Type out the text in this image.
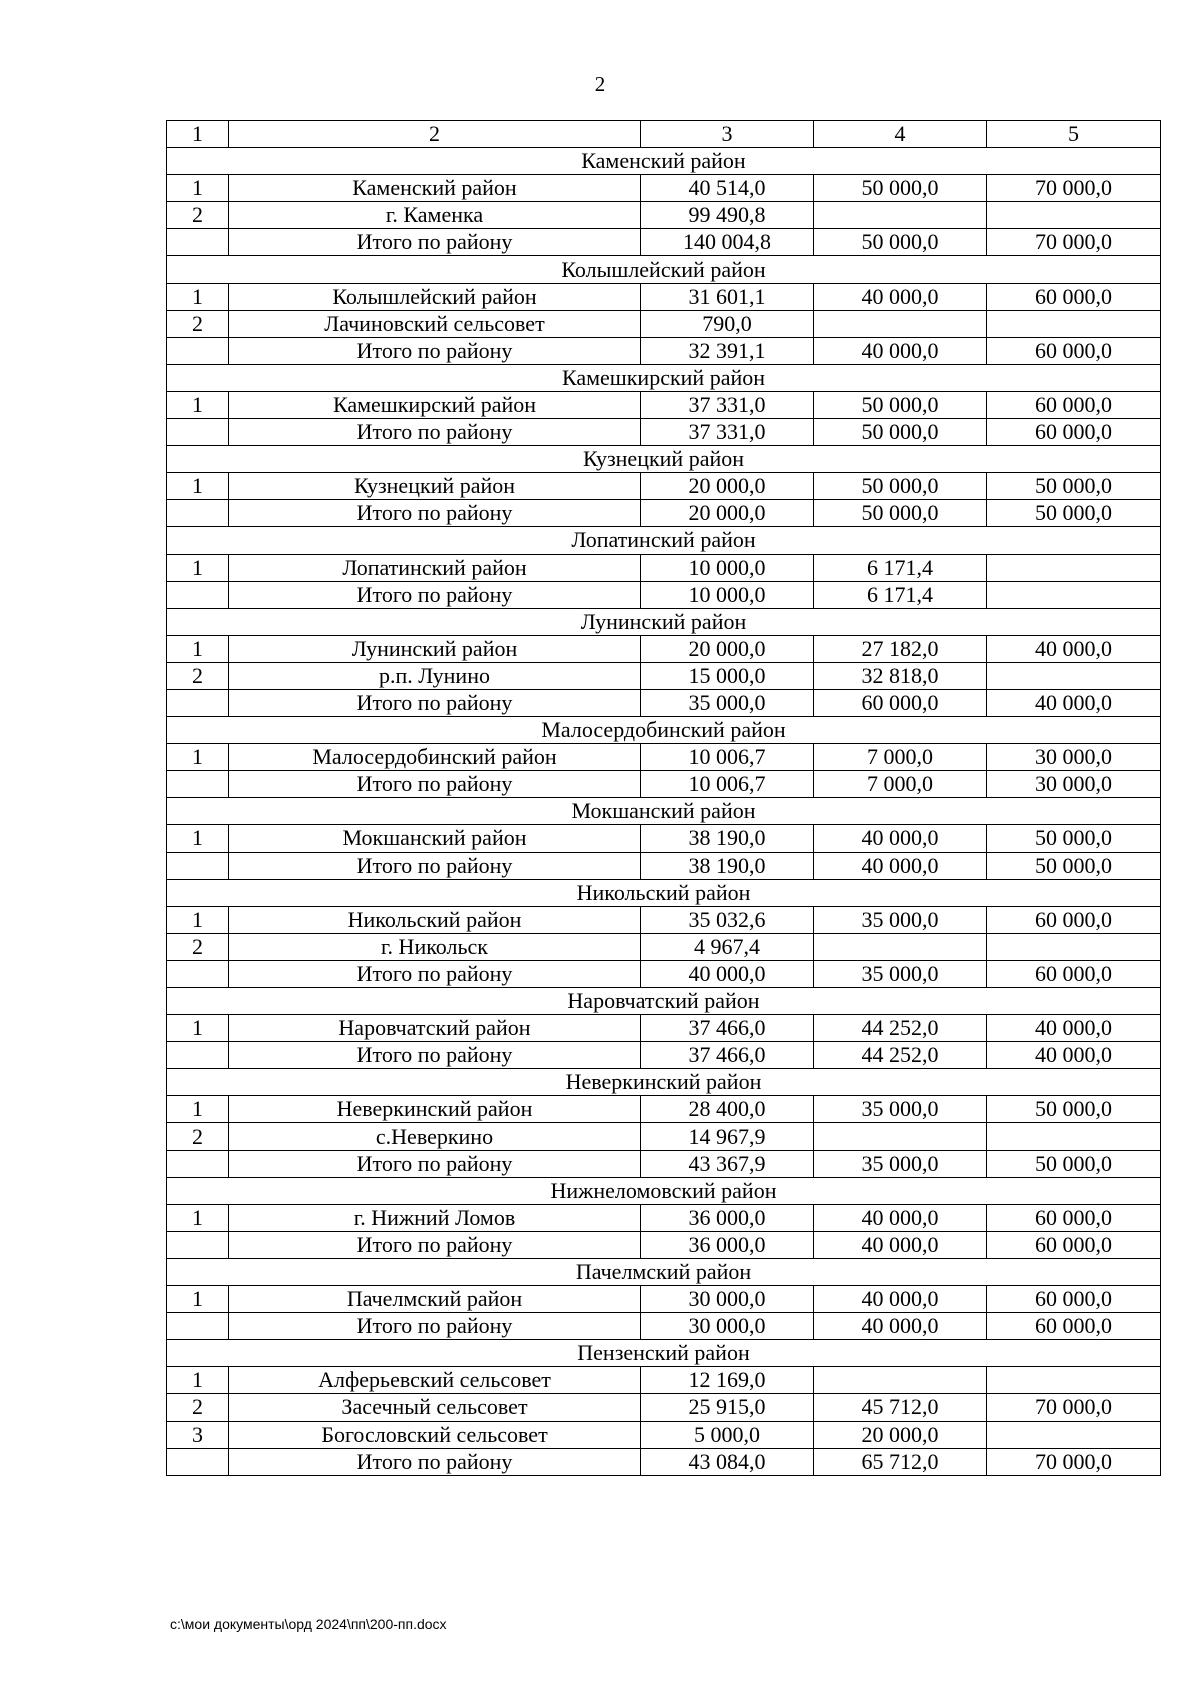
2
1	2	3	4	5
Каменский район				
1	Каменский район	40 514,0	50 000,0	70 000,0
2	г. Каменка	99 490,8		
	Итого по району	140 004,8	50 000,0	70 000,0
Колышлейский район				
1	Колышлейский район	31 601,1	40 000,0	60 000,0
2	Лачиновский сельсовет	790,0		
	Итого по району	32 391,1	40 000,0	60 000,0
Камешкирский район				
1	Камешкирский район	37 331,0	50 000,0	60 000,0
	Итого по району	37 331,0	50 000,0	60 000,0
Кузнецкий район				
1	Кузнецкий район	20 000,0	50 000,0	50 000,0
	Итого по району	20 000,0	50 000,0	50 000,0
Лопатинский район				
1	Лопатинский район	10 000,0	6 171,4	
	Итого по району	10 000,0	6 171,4	
Лунинский район				
1	Лунинский район	20 000,0	27 182,0	40 000,0
2	р.п. Лунино	15 000,0	32 818,0	
	Итого по району	35 000,0	60 000,0	40 000,0
Малосердобинский район				
1	Малосердобинский район	10 006,7	7 000,0	30 000,0
	Итого по району	10 006,7	7 000,0	30 000,0
Мокшанский район				
1	Мокшанский район	38 190,0	40 000,0	50 000,0
	Итого по району	38 190,0	40 000,0	50 000,0
Никольский район				
1	Никольский район	35 032,6	35 000,0	60 000,0
2	г. Никольск	4 967,4		
	Итого по району	40 000,0	35 000,0	60 000,0
Наровчатский район				
1	Наровчатский район	37 466,0	44 252,0	40 000,0
	Итого по району	37 466,0	44 252,0	40 000,0
Неверкинский район				
1	Неверкинский район	28 400,0	35 000,0	50 000,0
2	с.Неверкино	14 967,9		
	Итого по району	43 367,9	35 000,0	50 000,0
Нижнеломовский район				
1	г. Нижний Ломов	36 000,0	40 000,0	60 000,0
	Итого по району	36 000,0	40 000,0	60 000,0
Пачелмский район				
1	Пачелмский район	30 000,0	40 000,0	60 000,0
	Итого по району	30 000,0	40 000,0	60 000,0
Пензенский район				
1	Алферьевский сельсовет	12 169,0		
2	Засечный сельсовет	25 915,0	45 712,0	70 000,0
3	Богословский сельсовет	5 000,0	20 000,0	
	Итого по району	43 084,0	65 712,0	70 000,0
c:\мои документы\орд 2024\пп\200-пп.docx
